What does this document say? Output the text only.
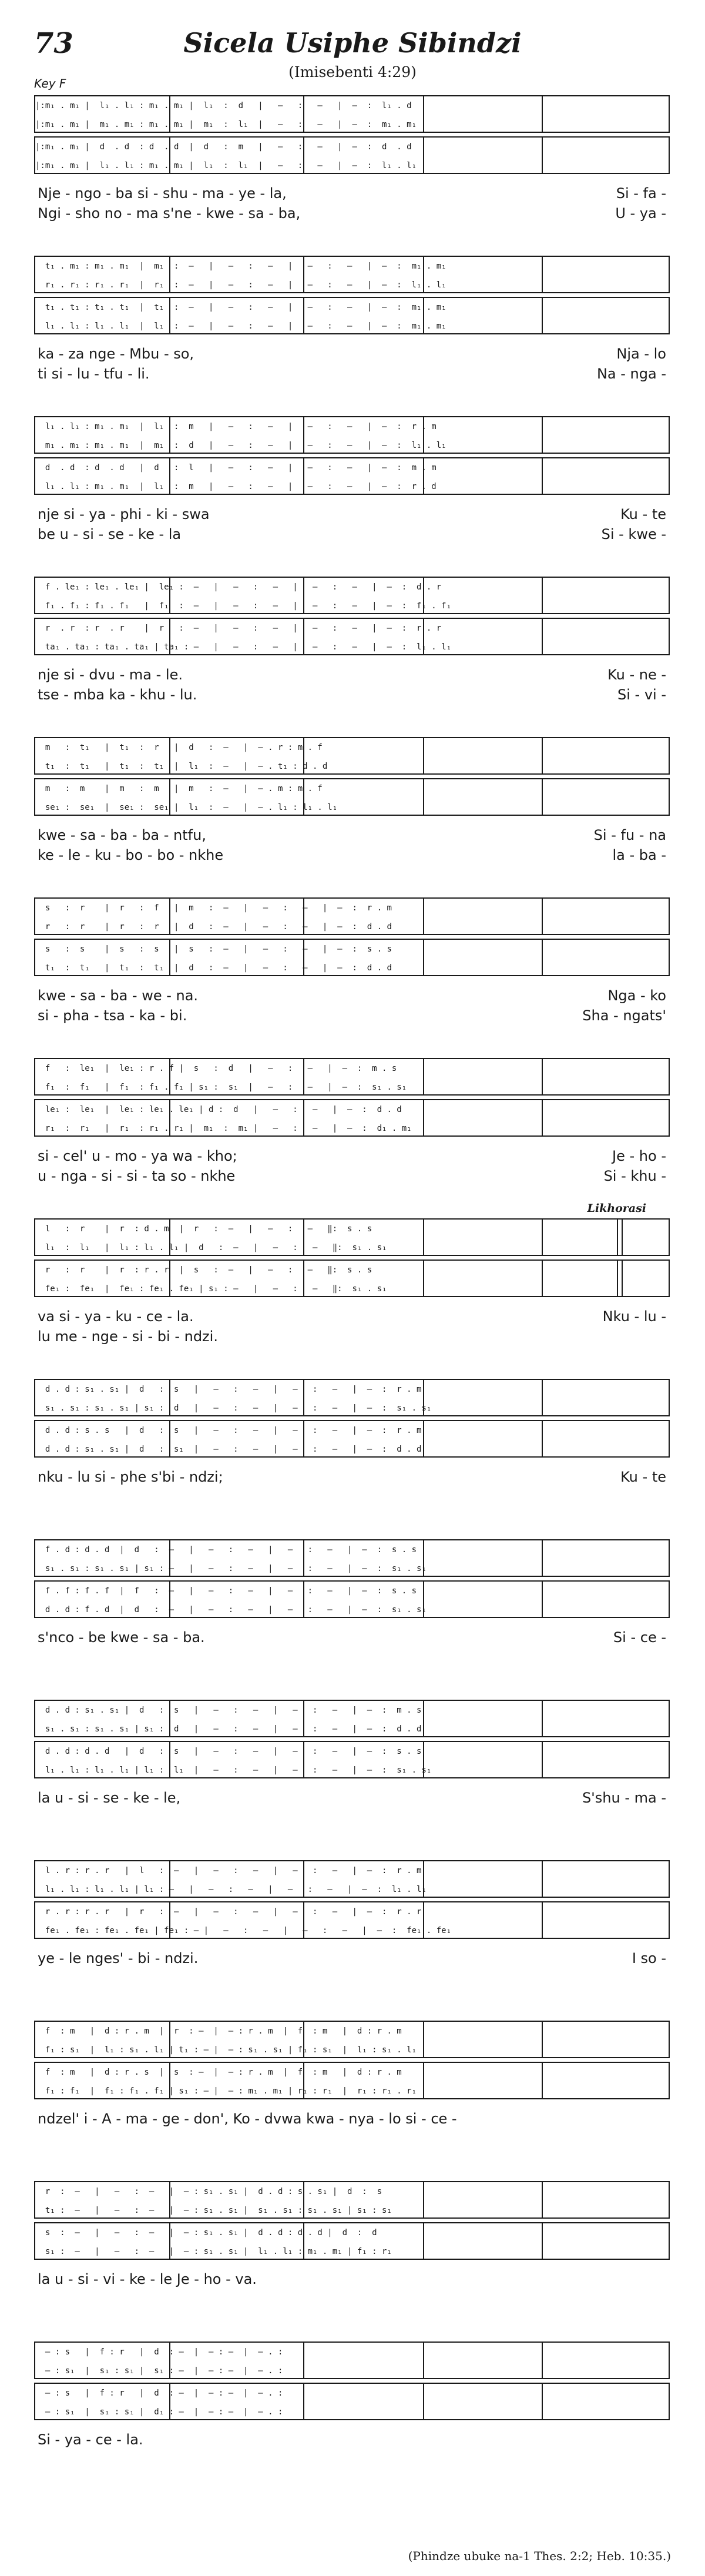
73	Sicela Usiphe Sibindzi
(Imisebenti 4:29)
Key F
|:m₁ . m₁ |  l₁ . l₁ : m₁ . m₁ |  l₁  :  d   |   —   :   —   |  —  :  l₁ . d
|:m₁ . m₁ |  m₁ . m₁ : m₁ . m₁ |  m₁  :  l₁  |   —   :   —   |  —  :  m₁ . m₁
|:m₁ . m₁ |  d  . d  : d  . d  |  d   :  m   |   —   :   —   |  —  :  d  . d
|:m₁ . m₁ |  l₁ . l₁ : m₁ . m₁ |  l₁  :  l₁  |   —   :   —   |  —  :  l₁ . l₁
Nje - ngo - ba si - shu - ma - ye - la,	Si - fa -
Ngi - sho no - ma s'ne - kwe - sa - ba,	U - ya -
t₁ . m₁ : m₁ . m₁  |  m₁  :  —   |   —   :   —   |   —   :   —   |  —  :  m₁ . m₁
r₁ . r₁ : r₁ . r₁  |  r₁  :  —   |   —   :   —   |   —   :   —   |  —  :  l₁ . l₁
t₁ . t₁ : t₁ . t₁  |  t₁  :  —   |   —   :   —   |   —   :   —   |  —  :  m₁ . m₁
l₁ . l₁ : l₁ . l₁  |  l₁  :  —   |   —   :   —   |   —   :   —   |  —  :  m₁ . m₁
ka - za nge - Mbu - so,	Nja - lo
ti si - lu - tfu - li.	Na - nga -
l₁ . l₁ : m₁ . m₁  |  l₁  :  m   |   —   :   —   |   —   :   —   |  —  :  r . m
m₁ . m₁ : m₁ . m₁  |  m₁  :  d   |   —   :   —   |   —   :   —   |  —  :  l₁ . l₁
d  . d  : d  . d   |  d   :  l   |   —   :   —   |   —   :   —   |  —  :  m . m
l₁ . l₁ : m₁ . m₁  |  l₁  :  m   |   —   :   —   |   —   :   —   |  —  :  r . d
nje si - ya - phi - ki - swa	Ku - te
be u - si - se - ke - la	Si - kwe -
f . le₁ : le₁ . le₁ |  le₁ :  —   |   —   :   —   |   —   :   —   |  —  :  d . r
f₁ . f₁ : f₁ . f₁   |  f₁  :  —   |   —   :   —   |   —   :   —   |  —  :  f₁ . f₁
r  . r  : r  . r    |  r   :  —   |   —   :   —   |   —   :   —   |  —  :  r . r
ta₁ . ta₁ : ta₁ . ta₁ | ta₁ : —   |   —   :   —   |   —   :   —   |  —  :  l₁ . l₁
nje si - dvu - ma - le.	Ku - ne -
tse - mba ka - khu - lu.	Si - vi -
m   :  t₁   |  t₁  :  r   |  d   :  —   |  — . r : m . f
t₁  :  t₁   |  t₁  :  t₁  |  l₁  :  —   |  — . t₁ : d . d
m   :  m    |  m   :  m   |  m   :  —   |  — . m : m . f
se₁ :  se₁  |  se₁ :  se₁ |  l₁  :  —   |  — . l₁ : l₁ . l₁
kwe - sa - ba - ba - ntfu,	Si - fu - na
ke - le - ku - bo - bo - nkhe	la - ba -
s   :  r    |  r   :  f   |  m   :  —   |   —   :   —   |  —  :  r . m
r   :  r    |  r   :  r   |  d   :  —   |   —   :   —   |  —  :  d . d
s   :  s    |  s   :  s   |  s   :  —   |   —   :   —   |  —  :  s . s
t₁  :  t₁   |  t₁  :  t₁  |  d   :  —   |   —   :   —   |  —  :  d . d
kwe - sa - ba - we - na.	Nga - ko
si - pha - tsa - ka - bi.	Sha - ngats'
f   :  le₁  |  le₁ : r . f |  s   :  d   |   —   :   —   |  —  :  m . s
f₁  :  f₁   |  f₁  : f₁ . f₁ | s₁ :  s₁  |   —   :   —   |  —  :  s₁ . s₁
le₁ :  le₁  |  le₁ : le₁ . le₁ | d :  d   |   —   :   —   |  —  :  d . d
r₁  :  r₁   |  r₁  : r₁ . r₁ |  m₁  :  m₁ |   —   :   —   |  —  :  d₁ . m₁
si - cel' u - mo - ya wa - kho;	Je - ho -
u - nga - si - si - ta so - nkhe	Si - khu -
Likhorasi
l   :  r    |  r  : d . m  |  r   :  —   |   —   :   —   ‖:  s . s
l₁  :  l₁   |  l₁ : l₁ . l₁ |  d   :  —   |   —   :   —   ‖:  s₁ . s₁
r   :  r    |  r  : r . r  |  s   :  —   |   —   :   —   ‖:  s . s
fe₁ :  fe₁  |  fe₁ : fe₁ . fe₁ | s₁ : —   |   —   :   —   ‖:  s₁ . s₁
va si - ya - ku - ce - la.	Nku - lu -
lu me - nge - si - bi - ndzi.
d . d : s₁ . s₁ |  d   :  s   |   —   :   —   |   —   :   —   |  —  :  r . m
s₁ . s₁ : s₁ . s₁ | s₁ :  d   |   —   :   —   |   —   :   —   |  —  :  s₁ . s₁
d . d : s . s   |  d   :  s   |   —   :   —   |   —   :   —   |  —  :  r . m
d . d : s₁ . s₁ |  d   :  s₁  |   —   :   —   |   —   :   —   |  —  :  d . d
nku - lu si - phe s'bi - ndzi;	Ku - te
f . d : d . d  |  d   :  —   |   —   :   —   |   —   :   —   |  —  :  s . s
s₁ . s₁ : s₁ . s₁ | s₁ : —   |   —   :   —   |   —   :   —   |  —  :  s₁ . s₁
f . f : f . f  |  f   :  —   |   —   :   —   |   —   :   —   |  —  :  s . s
d . d : f . d  |  d   :  —   |   —   :   —   |   —   :   —   |  —  :  s₁ . s₁
s'nco - be kwe - sa - ba.	Si - ce -
d . d : s₁ . s₁ |  d   :  s   |   —   :   —   |   —   :   —   |  —  :  m . s
s₁ . s₁ : s₁ . s₁ | s₁ :  d   |   —   :   —   |   —   :   —   |  —  :  d . d
d . d : d . d   |  d   :  s   |   —   :   —   |   —   :   —   |  —  :  s . s
l₁ . l₁ : l₁ . l₁ | l₁ :  l₁  |   —   :   —   |   —   :   —   |  —  :  s₁ . s₁
la u - si - se - ke - le,	S'shu - ma -
l . r : r . r   |  l   :  —   |   —   :   —   |   —   :   —   |  —  :  r . m
l₁ . l₁ : l₁ . l₁ | l₁ : —   |   —   :   —   |   —   :   —   |  —  :  l₁ . l₁
r . r : r . r   |  r   :  —   |   —   :   —   |   —   :   —   |  —  :  r . r
fe₁ . fe₁ : fe₁ . fe₁ | fe₁ : — |   —   :   —   |   —   :   —   |  —  :  fe₁ . fe₁
ye - le nges' - bi - ndzi.	I so -
f  : m   |  d : r . m  |  r  : —  |  — : r . m  |  f  : m   |  d : r . m
f₁ : s₁  |  l₁ : s₁ . l₁ | t₁ : — |  — : s₁ . s₁ | f₁ : s₁  |  l₁ : s₁ . l₁
f  : m   |  d : r . s  |  s  : —  |  — : r . m  |  f  : m   |  d : r . m
f₁ : f₁  |  f₁ : f₁ . f₁ | s₁ : — |  — : m₁ . m₁ | r₁ : r₁  |  r₁ : r₁ . r₁
ndzel' i - A - ma - ge - don', Ko - dvwa kwa - nya - lo si - ce -
r  :  —   |   —   :  —   |  — : s₁ . s₁ |  d . d : s . s₁ |  d  :  s
t₁ :  —   |   —   :  —   |  — : s₁ . s₁ |  s₁ . s₁ : s₁ . s₁ | s₁ : s₁
s  :  —   |   —   :  —   |  — : s₁ . s₁ |  d . d : d . d |  d  :  d
s₁ :  —   |   —   :  —   |  — : s₁ . s₁ |  l₁ . l₁ : m₁ . m₁ | f₁ : r₁
la u - si - vi - ke - le Je - ho - va.
— : s   |  f : r   |  d  : —  |  — : —  |  — . :
— : s₁  |  s₁ : s₁ |  s₁ : —  |  — : —  |  — . :
— : s   |  f : r   |  d  : —  |  — : —  |  — . :
— : s₁  |  s₁ : s₁ |  d₁ : —  |  — : —  |  — . :
Si - ya - ce - la.
(Phindze ubuke na-1 Thes. 2:2; Heb. 10:35.)
